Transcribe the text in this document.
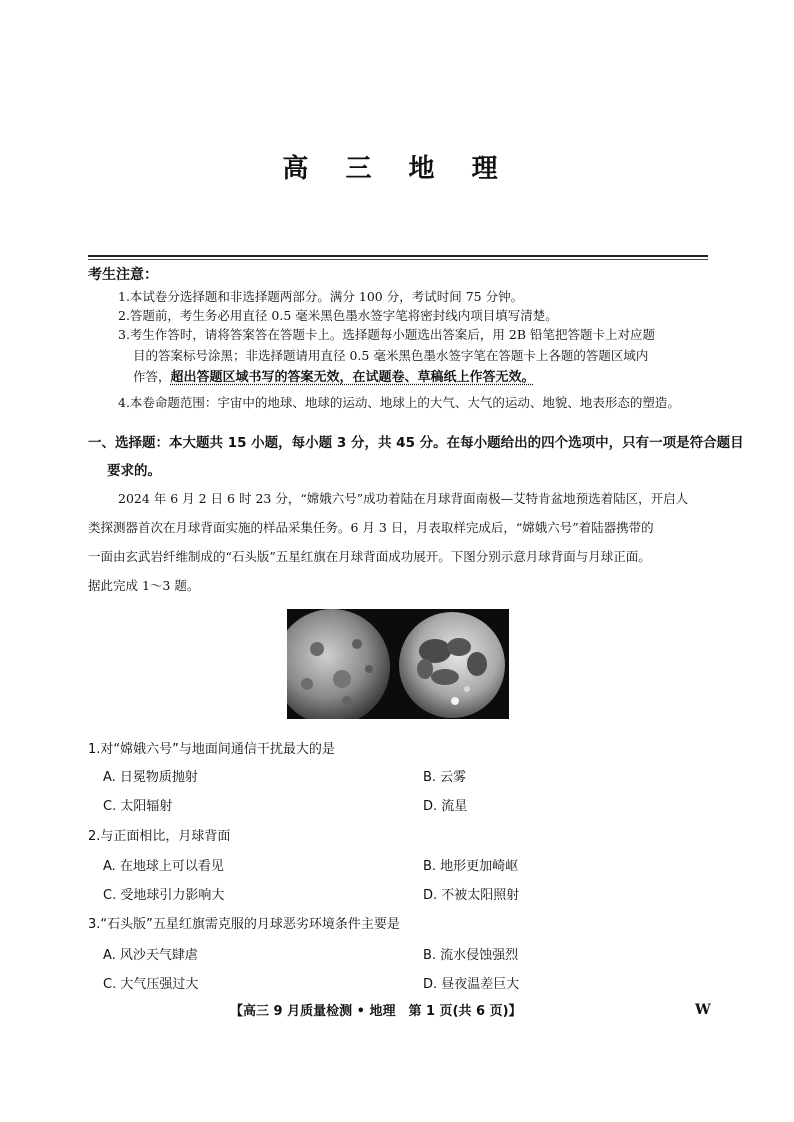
高 三 地 理
考生注意：
1.本试卷分选择题和非选择题两部分。满分 100 分，考试时间 75 分钟。
2.答题前，考生务必用直径 0.5 毫米黑色墨水签字笔将密封线内项目填写清楚。
3.考生作答时，请将答案答在答题卡上。选择题每小题选出答案后，用 2B 铅笔把答题卡上对应题
目的答案标号涂黑；非选择题请用直径 0.5 毫米黑色墨水签字笔在答题卡上各题的答题区域内
作答，超出答题区域书写的答案无效，在试题卷、草稿纸上作答无效。
4.本卷命题范围：宇宙中的地球、地球的运动、地球上的大气、大气的运动、地貌、地表形态的塑造。
一、选择题：本大题共 15 小题，每小题 3 分，共 45 分。在每小题给出的四个选项中，只有一项是符合题目
要求的。
2024 年 6 月 2 日 6 时 23 分，“嫦娥六号”成功着陆在月球背面南极—艾特肯盆地预选着陆区，开启人
类探测器首次在月球背面实施的样品采集任务。6 月 3 日，月表取样完成后，“嫦娥六号”着陆器携带的
一面由玄武岩纤维制成的“石头版”五星红旗在月球背面成功展开。下图分别示意月球背面与月球正面。
据此完成 1～3 题。
1.对“嫦娥六号”与地面间通信干扰最大的是
A. 日冕物质抛射	B. 云雾
C. 太阳辐射	D. 流星
2.与正面相比，月球背面
A. 在地球上可以看见	B. 地形更加崎岖
C. 受地球引力影响大	D. 不被太阳照射
3.“石头版”五星红旗需克服的月球恶劣环境条件主要是
A. 风沙天气肆虐	B. 流水侵蚀强烈
C. 大气压强过大	D. 昼夜温差巨大
【高三 9 月质量检测 • 地理　第 1 页(共 6 页)】	W
